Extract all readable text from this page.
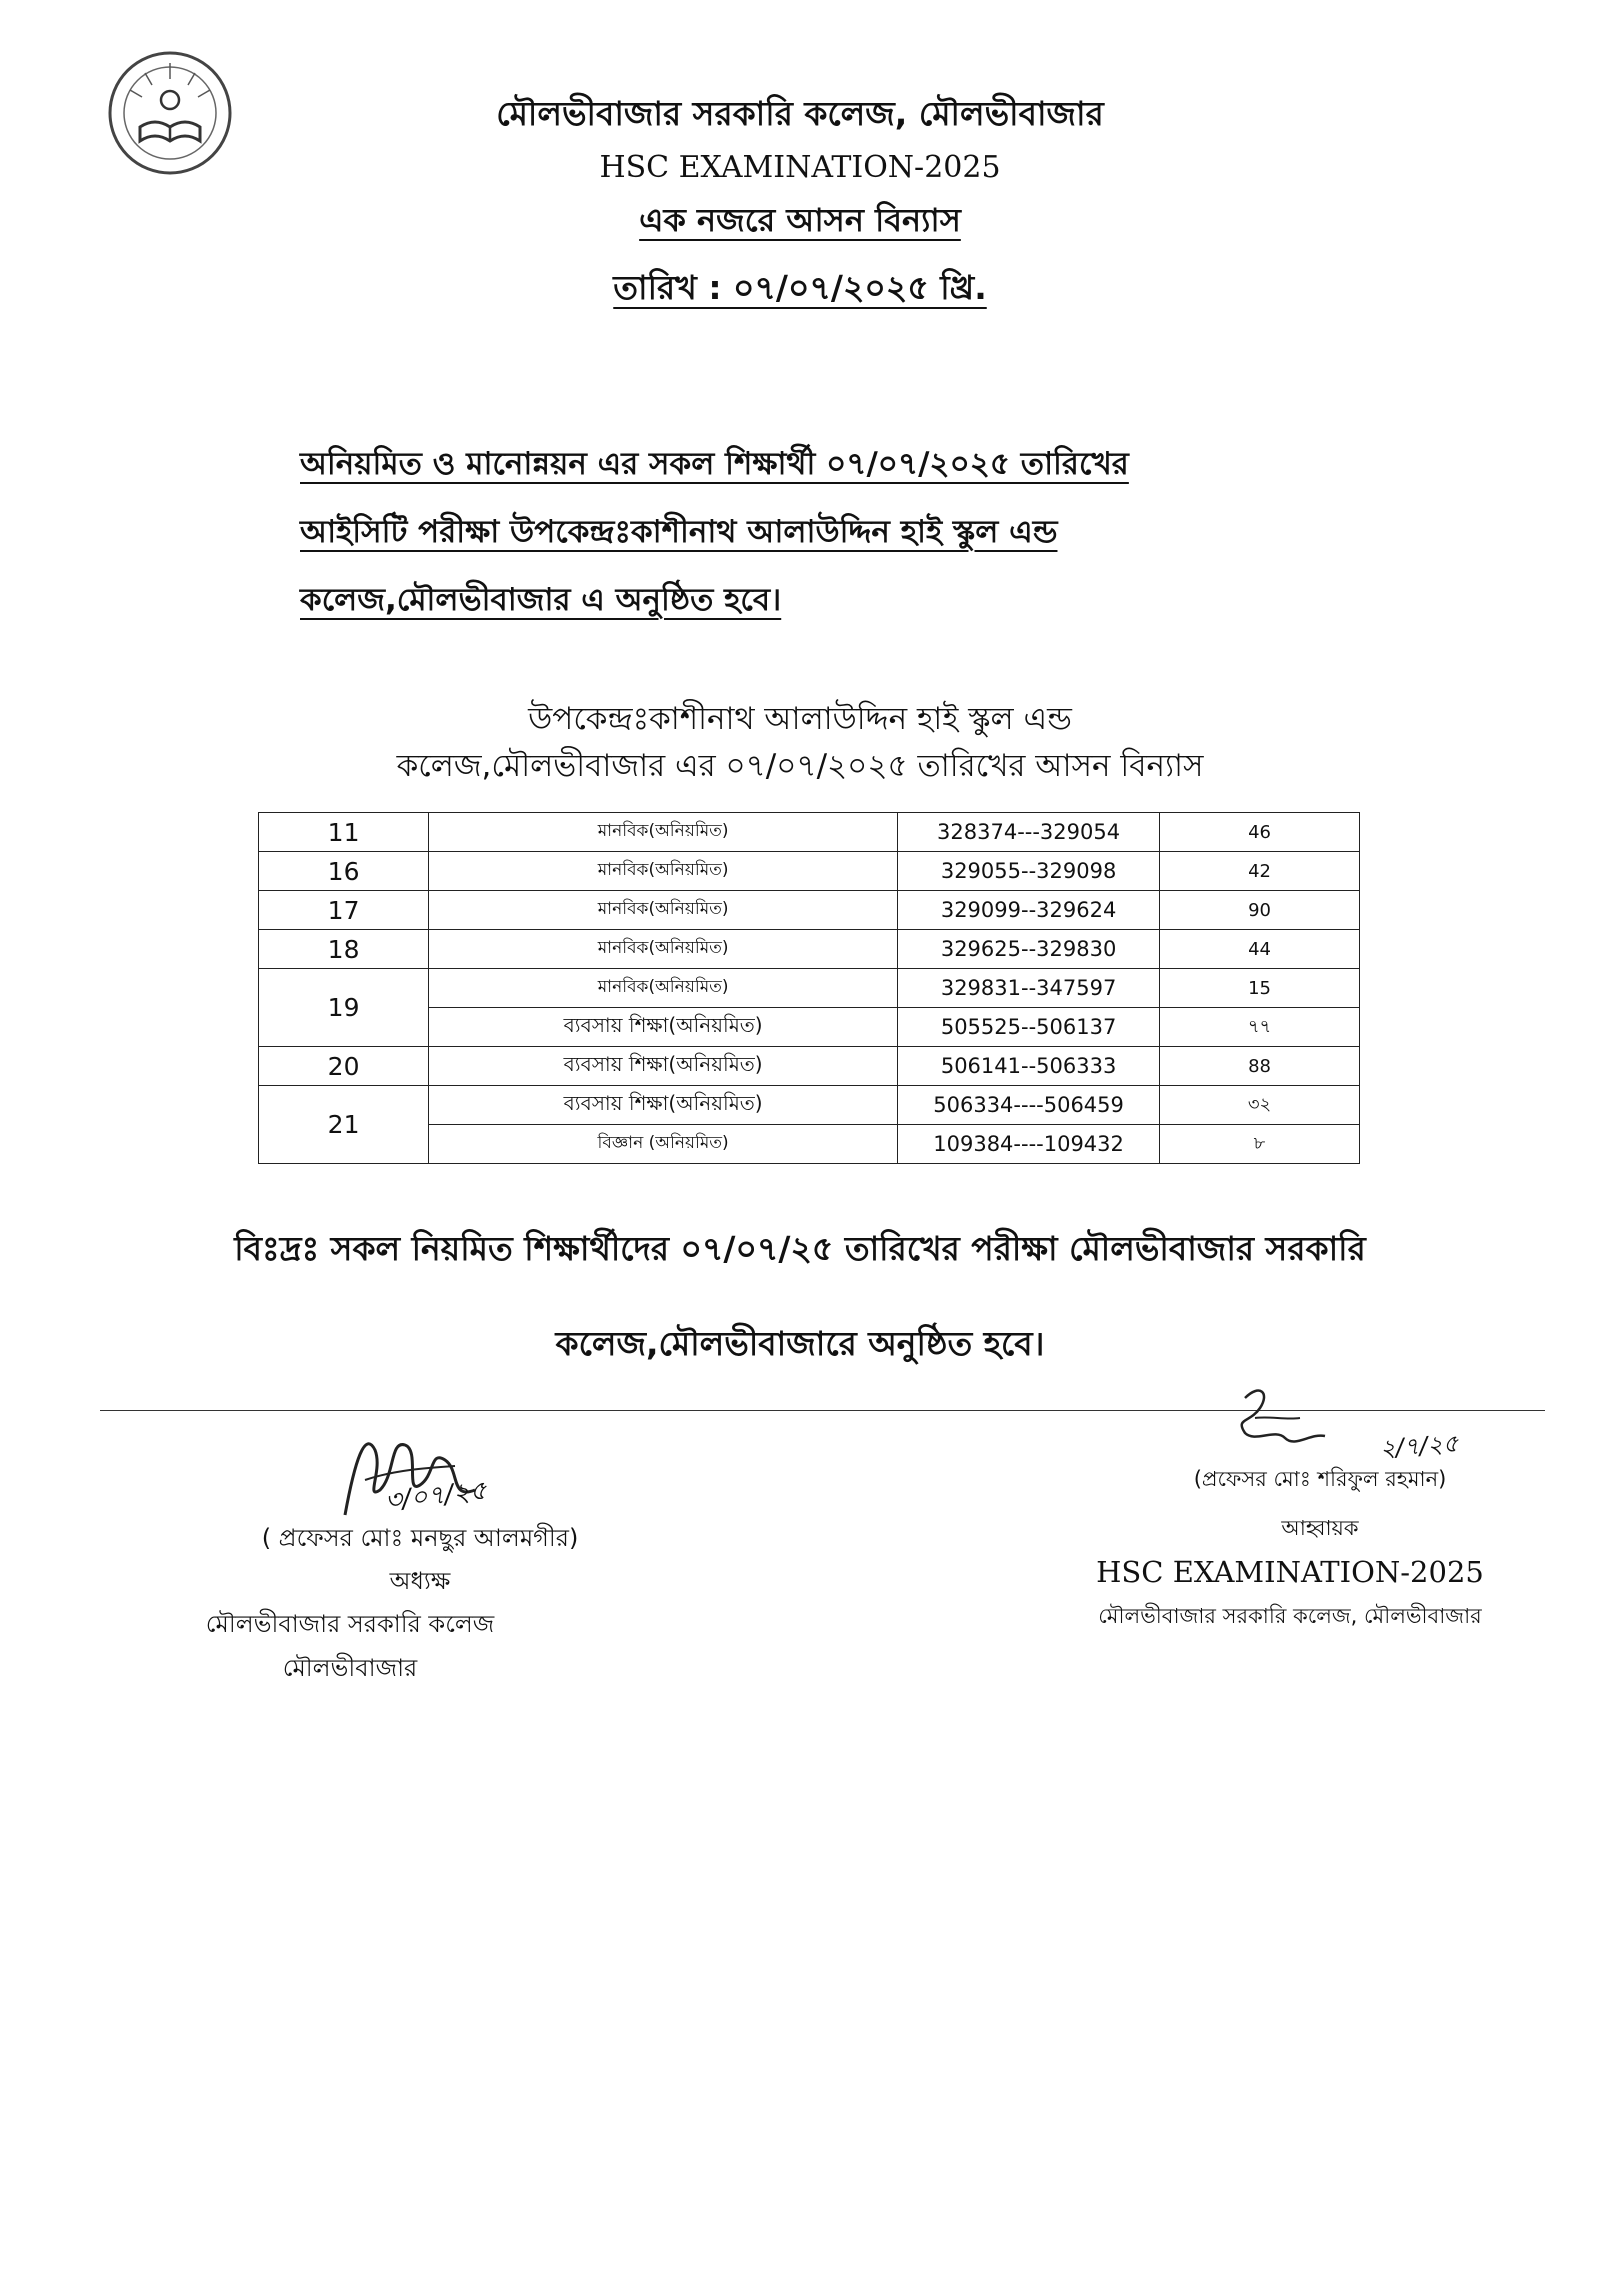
মৌলভীবাজার সরকারি কলেজ, মৌলভীবাজার
HSC EXAMINATION-2025
এক নজরে আসন বিন্যাস
তারিখ : ০৭/০৭/২০২৫ খ্রি.
অনিয়মিত ও মানোন্নয়ন এর সকল শিক্ষার্থী ০৭/০৭/২০২৫ তারিখের
আইসিটি পরীক্ষা উপকেন্দ্রঃকাশীনাথ আলাউদ্দিন হাই স্কুল এন্ড
কলেজ,মৌলভীবাজার এ অনুষ্ঠিত হবে।
উপকেন্দ্রঃকাশীনাথ আলাউদ্দিন হাই স্কুল এন্ড
কলেজ,মৌলভীবাজার এর ০৭/০৭/২০২৫ তারিখের আসন বিন্যাস
11	মানবিক(অনিয়মিত)	328374---329054	46
16	মানবিক(অনিয়মিত)	329055--329098	42
17	মানবিক(অনিয়মিত)	329099--329624	90
18	মানবিক(অনিয়মিত)	329625--329830	44
19	মানবিক(অনিয়মিত)	329831--347597	15
	ব্যবসায় শিক্ষা(অনিয়মিত)	505525--506137	৭৭
20	ব্যবসায় শিক্ষা(অনিয়মিত)	506141--506333	88
21	ব্যবসায় শিক্ষা(অনিয়মিত)	506334----506459	৩২
	বিজ্ঞান (অনিয়মিত)	109384----109432	৮
বিঃদ্রঃ সকল নিয়মিত শিক্ষার্থীদের ০৭/০৭/২৫ তারিখের পরীক্ষা মৌলভীবাজার সরকারি
কলেজ,মৌলভীবাজারে অনুষ্ঠিত হবে।
৩/০৭/২৫
( প্রফেসর মোঃ মনছুর আলমগীর)
অধ্যক্ষ
মৌলভীবাজার সরকারি কলেজ
মৌলভীবাজার
২/৭/২৫
(প্রফেসর মোঃ শরিফুল রহমান)
আহ্বায়ক
HSC EXAMINATION-2025
মৌলভীবাজার সরকারি কলেজ, মৌলভীবাজার
